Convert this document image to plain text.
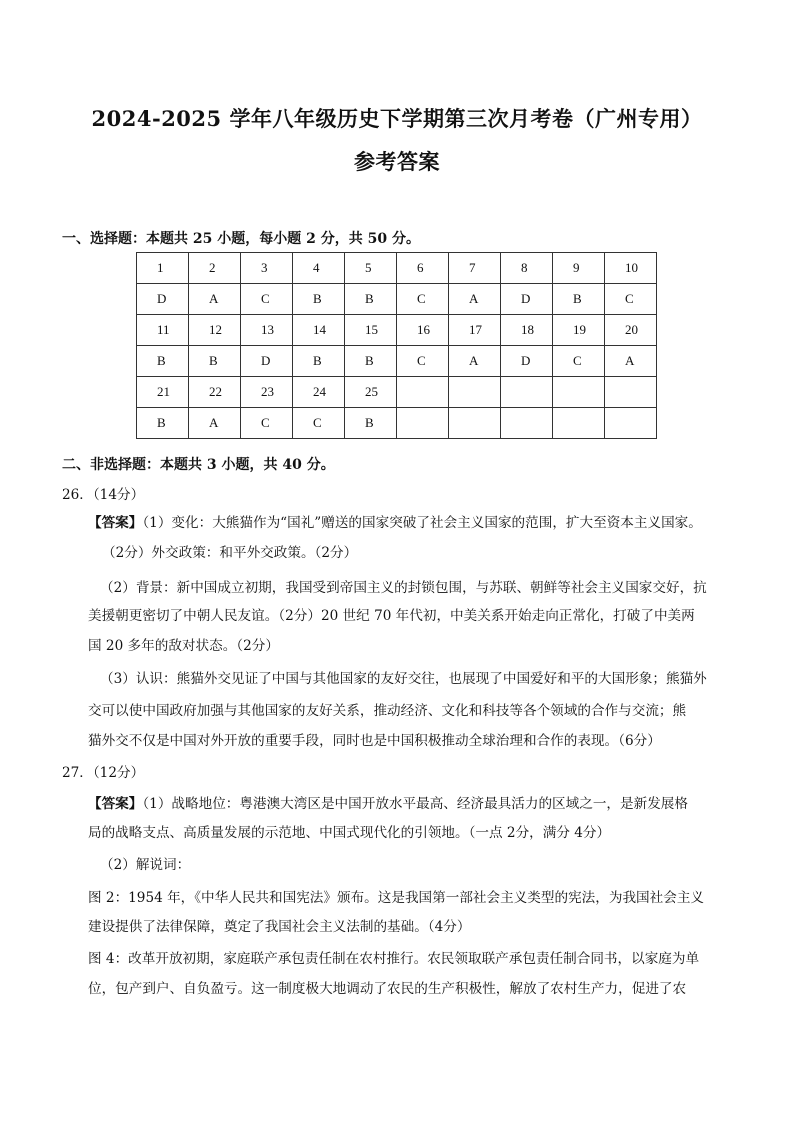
2024-2025 学年八年级历史下学期第三次月考卷（广州专用）
参考答案
一、选择题：本题共 25 小题，每小题 2 分，共 50 分。
1	2	3	4	5	6	7	8	9	10
D	A	C	B	B	C	A	D	B	C
11	12	13	14	15	16	17	18	19	20
B	B	D	B	B	C	A	D	C	A
21	22	23	24	25					
B	A	C	C	B					
二、非选择题：本题共 3 小题，共 40 分。
26．（14分）
【答案】（1）变化：大熊猫作为“国礼”赠送的国家突破了社会主义国家的范围，扩大至资本主义国家。
（2分）外交政策：和平外交政策。（2分）
（2）背景：新中国成立初期，我国受到帝国主义的封锁包围，与苏联、朝鲜等社会主义国家交好，抗
美援朝更密切了中朝人民友谊。（2分）20 世纪 70 年代初，中美关系开始走向正常化，打破了中美两
国 20 多年的敌对状态。（2分）
（3）认识：熊猫外交见证了中国与其他国家的友好交往，也展现了中国爱好和平的大国形象；熊猫外
交可以使中国政府加强与其他国家的友好关系，推动经济、文化和科技等各个领域的合作与交流；熊
猫外交不仅是中国对外开放的重要手段，同时也是中国积极推动全球治理和合作的表现。（6分）
27．（12分）
【答案】（1）战略地位：粤港澳大湾区是中国开放水平最高、经济最具活力的区域之一，是新发展格
局的战略支点、高质量发展的示范地、中国式现代化的引领地。（一点 2分，满分 4分）
（2）解说词：
图 2：1954 年，《中华人民共和国宪法》颁布。这是我国第一部社会主义类型的宪法，为我国社会主义
建设提供了法律保障，奠定了我国社会主义法制的基础。（4分）
图 4：改革开放初期，家庭联产承包责任制在农村推行。农民领取联产承包责任制合同书，以家庭为单
位，包产到户、自负盈亏。这一制度极大地调动了农民的生产积极性，解放了农村生产力，促进了农
